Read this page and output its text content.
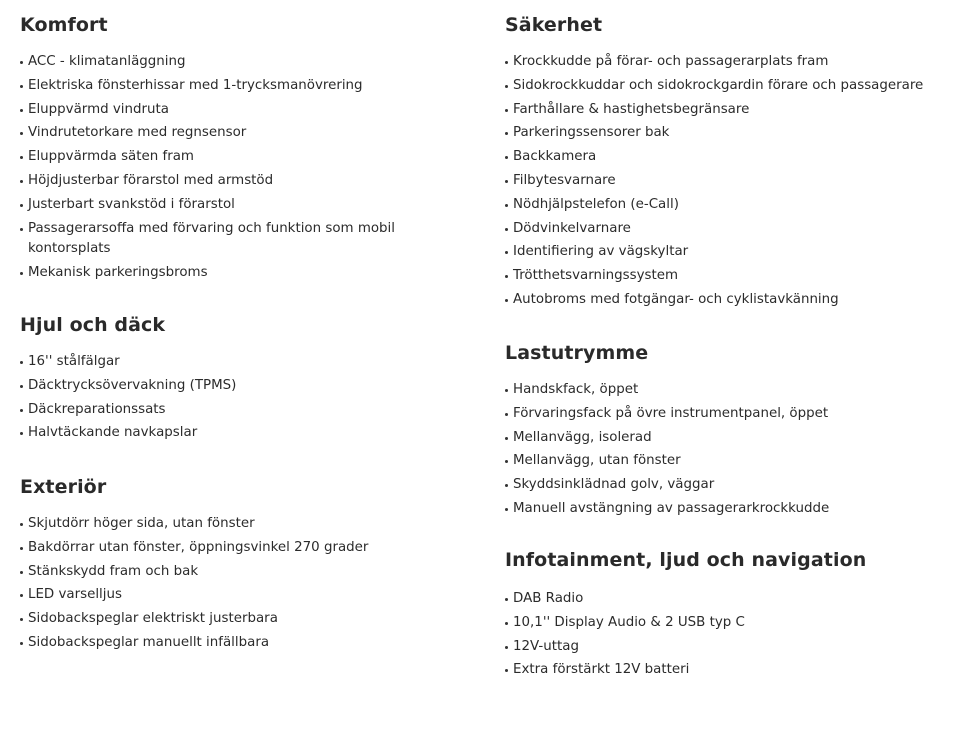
Komfort
ACC - klimatanläggning
Elektriska fönsterhissar med 1-trycksmanövrering
Eluppvärmd vindruta
Vindrutetorkare med regnsensor
Eluppvärmda säten fram
Höjdjusterbar förarstol med armstöd
Justerbart svankstöd i förarstol
Passagerarsoffa med förvaring och funktion som mobil kontorsplats
Mekanisk parkeringsbroms
Hjul och däck
16'' stålfälgar
Däcktrycksövervakning (TPMS)
Däckreparationssats
Halvtäckande navkapslar
Exteriör
Skjutdörr höger sida, utan fönster
Bakdörrar utan fönster, öppningsvinkel 270 grader
Stänkskydd fram och bak
LED varselljus
Sidobackspeglar elektriskt justerbara
Sidobackspeglar manuellt infällbara
Säkerhet
Krockkudde på förar- och passagerarplats fram
Sidokrockkuddar och sidokrockgardin förare och passagerare
Farthållare & hastighetsbegränsare
Parkeringssensorer bak
Backkamera
Filbytesvarnare
Nödhjälpstelefon (e-Call)
Dödvinkelvarnare
Identifiering av vägskyltar
Trötthetsvarningssystem
Autobroms med fotgängar- och cyklistavkänning
Lastutrymme
Handskfack, öppet
Förvaringsfack på övre instrumentpanel, öppet
Mellanvägg, isolerad
Mellanvägg, utan fönster
Skyddsinklädnad golv, väggar
Manuell avstängning av passagerarkrockkudde
Infotainment, ljud och navigation
DAB Radio
10,1'' Display Audio & 2 USB typ C
12V-uttag
Extra förstärkt 12V batteri
